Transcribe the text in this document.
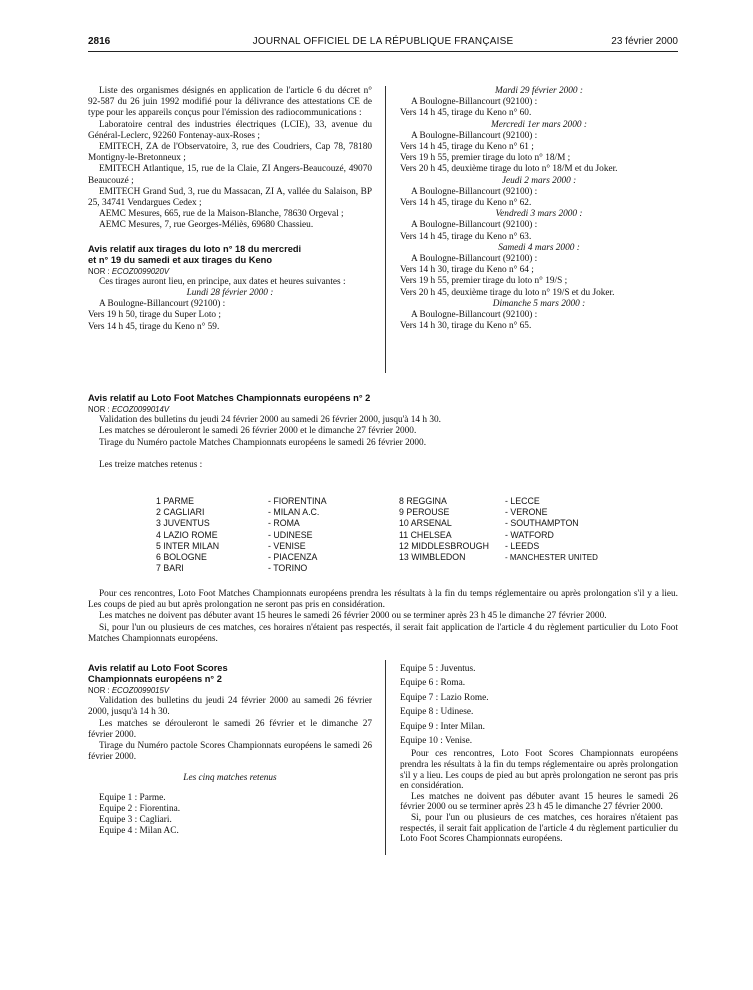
2816	JOURNAL OFFICIEL DE LA RÉPUBLIQUE FRANÇAISE	23 février 2000

Liste des organismes désignés en application de l'article 6 du décret n° 92-587 du 26 juin 1992 modifié pour la délivrance des attestations CE de type pour les appareils conçus pour l'émission des radiocommunications :

Laboratoire central des industries électriques (LCIE), 33, avenue du Général-Leclerc, 92260 Fontenay-aux-Roses ;

EMITECH, ZA de l'Observatoire, 3, rue des Coudriers, Cap 78, 78180 Montigny-le-Bretonneux ;

EMITECH Atlantique, 15, rue de la Claie, ZI Angers-Beaucouzé, 49070 Beaucouzé ;

EMITECH Grand Sud, 3, rue du Massacan, ZI A, vallée du Salaison, BP 25, 34741 Vendargues Cedex ;

AEMC Mesures, 665, rue de la Maison-Blanche, 78630 Orgeval ;

AEMC Mesures, 7, rue Georges-Méliès, 69680 Chassieu.

Avis relatif aux tirages du loto n° 18 du mercredi
et n° 19 du samedi et aux tirages du Keno

NOR : ECOZ0099020V

Ces tirages auront lieu, en principe, aux dates et heures suivantes :

Lundi 28 février 2000 :

A Boulogne-Billancourt (92100) :

Vers 19 h 50, tirage du Super Loto ;

Vers 14 h 45, tirage du Keno n° 59.

Mardi 29 février 2000 :

A Boulogne-Billancourt (92100) :

Vers 14 h 45, tirage du Keno n° 60.

Mercredi 1er mars 2000 :

A Boulogne-Billancourt (92100) :

Vers 14 h 45, tirage du Keno n° 61 ;

Vers 19 h 55, premier tirage du loto n° 18/M ;

Vers 20 h 45, deuxième tirage du loto n° 18/M et du Joker.

Jeudi 2 mars 2000 :

A Boulogne-Billancourt (92100) :

Vers 14 h 45, tirage du Keno n° 62.

Vendredi 3 mars 2000 :

A Boulogne-Billancourt (92100) :

Vers 14 h 45, tirage du Keno n° 63.

Samedi 4 mars 2000 :

A Boulogne-Billancourt (92100) :

Vers 14 h 30, tirage du Keno n° 64 ;

Vers 19 h 55, premier tirage du loto n° 19/S ;

Vers 20 h 45, deuxième tirage du loto n° 19/S et du Joker.

Dimanche 5 mars 2000 :

A Boulogne-Billancourt (92100) :

Vers 14 h 30, tirage du Keno n° 65.

Avis relatif au Loto Foot Matches Championnats européens n° 2

NOR : ECOZ0099014V

Validation des bulletins du jeudi 24 février 2000 au samedi 26 février 2000, jusqu'à 14 h 30.

Les matches se dérouleront le samedi 26 février 2000 et le dimanche 27 février 2000.

Tirage du Numéro pactole Matches Championnats européens le samedi 26 février 2000.

Les treize matches retenus :

1 PARME	- FIORENTINA
2 CAGLIARI	- MILAN A.C.
3 JUVENTUS	- ROMA
4 LAZIO ROME	- UDINESE
5 INTER MILAN	- VENISE
6 BOLOGNE	- PIACENZA
7 BARI	- TORINO
8 REGGINA	- LECCE
9 PEROUSE	- VERONE
10 ARSENAL	- SOUTHAMPTON
11 CHELSEA	- WATFORD
12 MIDDLESBROUGH - LEEDS
13 WIMBLEDON	- MANCHESTER UNITED

Pour ces rencontres, Loto Foot Matches Championnats européens prendra les résultats à la fin du temps réglementaire ou après prolongation s'il y a lieu. Les coups de pied au but après prolongation ne seront pas pris en considération.

Les matches ne doivent pas débuter avant 15 heures le samedi 26 février 2000 ou se terminer après 23 h 45 le dimanche 27 février 2000.

Si, pour l'un ou plusieurs de ces matches, ces horaires n'étaient pas respectés, il serait fait application de l'article 4 du règlement particulier du Loto Foot Matches Championnats européens.

Avis relatif au Loto Foot Scores
Championnats européens n° 2

NOR : ECOZ0099015V

Validation des bulletins du jeudi 24 février 2000 au samedi 26 février 2000, jusqu'à 14 h 30.

Les matches se dérouleront le samedi 26 février et le dimanche 27 février 2000.

Tirage du Numéro pactole Scores Championnats européens le samedi 26 février 2000.

Les cinq matches retenus

Equipe 1 : Parme.

Equipe 2 : Fiorentina.

Equipe 3 : Cagliari.

Equipe 4 : Milan AC.

Equipe 5 : Juventus.

Equipe 6 : Roma.

Equipe 7 : Lazio Rome.

Equipe 8 : Udinese.

Equipe 9 : Inter Milan.

Equipe 10 : Venise.

Pour ces rencontres, Loto Foot Scores Championnats européens prendra les résultats à la fin du temps réglementaire ou après prolongation s'il y a lieu. Les coups de pied au but après prolongation ne seront pas pris en considération.

Les matches ne doivent pas débuter avant 15 heures le samedi 26 février 2000 ou se terminer après 23 h 45 le dimanche 27 février 2000.

Si, pour l'un ou plusieurs de ces matches, ces horaires n'étaient pas respectés, il serait fait application de l'article 4 du règlement particulier du Loto Foot Scores Championnats européens.
